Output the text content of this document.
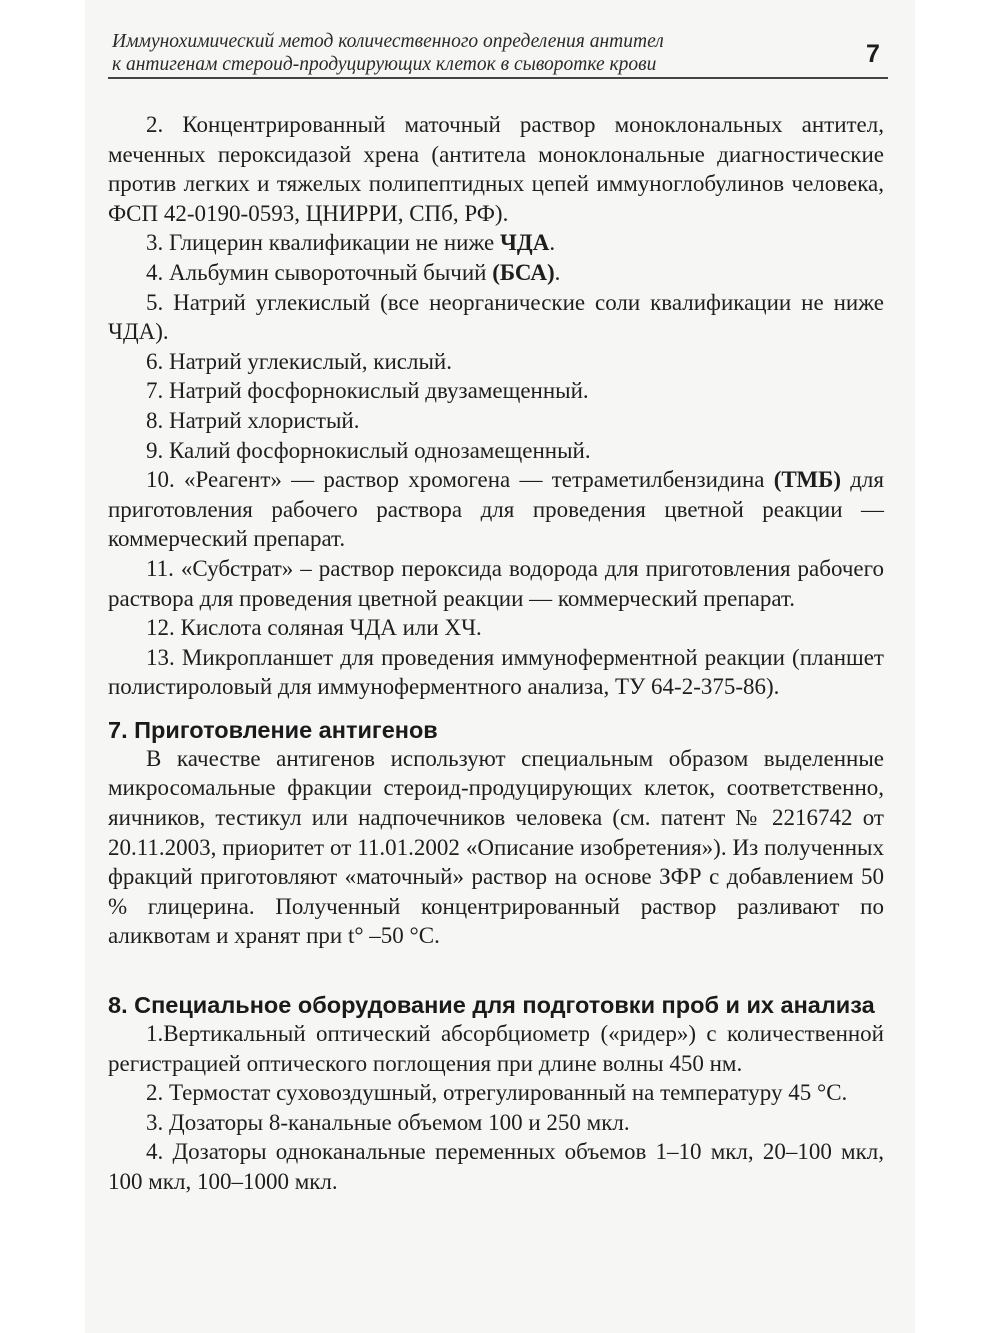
Иммунохимический метод количественного определения антител
к антигенам стероид-продуцирующих клеток в сыворотке крови	7

2. Концентрированный маточный раствор моноклональных антител, меченных пероксидазой хрена (антитела моноклональные диагностические против легких и тяжелых полипептидных цепей иммуноглобулинов человека, ФСП 42-0190-0593, ЦНИРРИ, СПб, РФ).

3. Глицерин квалификации не ниже ЧДА.

4. Альбумин сывороточный бычий (БСА).

5. Натрий углекислый (все неорганические соли квалификации не ниже ЧДА).

6. Натрий углекислый, кислый.

7. Натрий фосфорнокислый двузамещенный.

8. Натрий хлористый.

9. Калий фосфорнокислый однозамещенный.

10. «Реагент» — раствор хромогена — тетраметилбензидина (ТМБ) для приготовления рабочего раствора для проведения цветной реакции — коммерческий препарат.

11. «Субстрат» – раствор пероксида водорода для приготовления рабочего раствора для проведения цветной реакции — коммерческий препарат.

12. Кислота соляная ЧДА или ХЧ.

13. Микропланшет для проведения иммуноферментной реакции (планшет полистироловый для иммуноферментного анализа, ТУ 64-2-375-86).

7. Приготовление антигенов

В качестве антигенов используют специальным образом выделенные микросомальные фракции стероид-продуцирующих клеток, соответственно, яичников, тестикул или надпочечников человека (см. патент № 2216742 от 20.11.2003, приоритет от 11.01.2002 «Описание изобретения»). Из полученных фракций приготовляют «маточный» раствор на основе ЗФР с добавлением 50 % глицерина. Полученный концентрированный раствор разливают по аликвотам и хранят при t° –50 °С.

8. Специальное оборудование для подготовки проб и их анализа

1.Вертикальный оптический абсорбциометр («ридер») с количественной регистрацией оптического поглощения при длине волны 450 нм.

2. Термостат суховоздушный, отрегулированный на температуру 45 °С.

3. Дозаторы 8-канальные объемом 100 и 250 мкл.

4. Дозаторы одноканальные переменных объемов 1–10 мкл, 20–100 мкл, 100 мкл, 100–1000 мкл.
